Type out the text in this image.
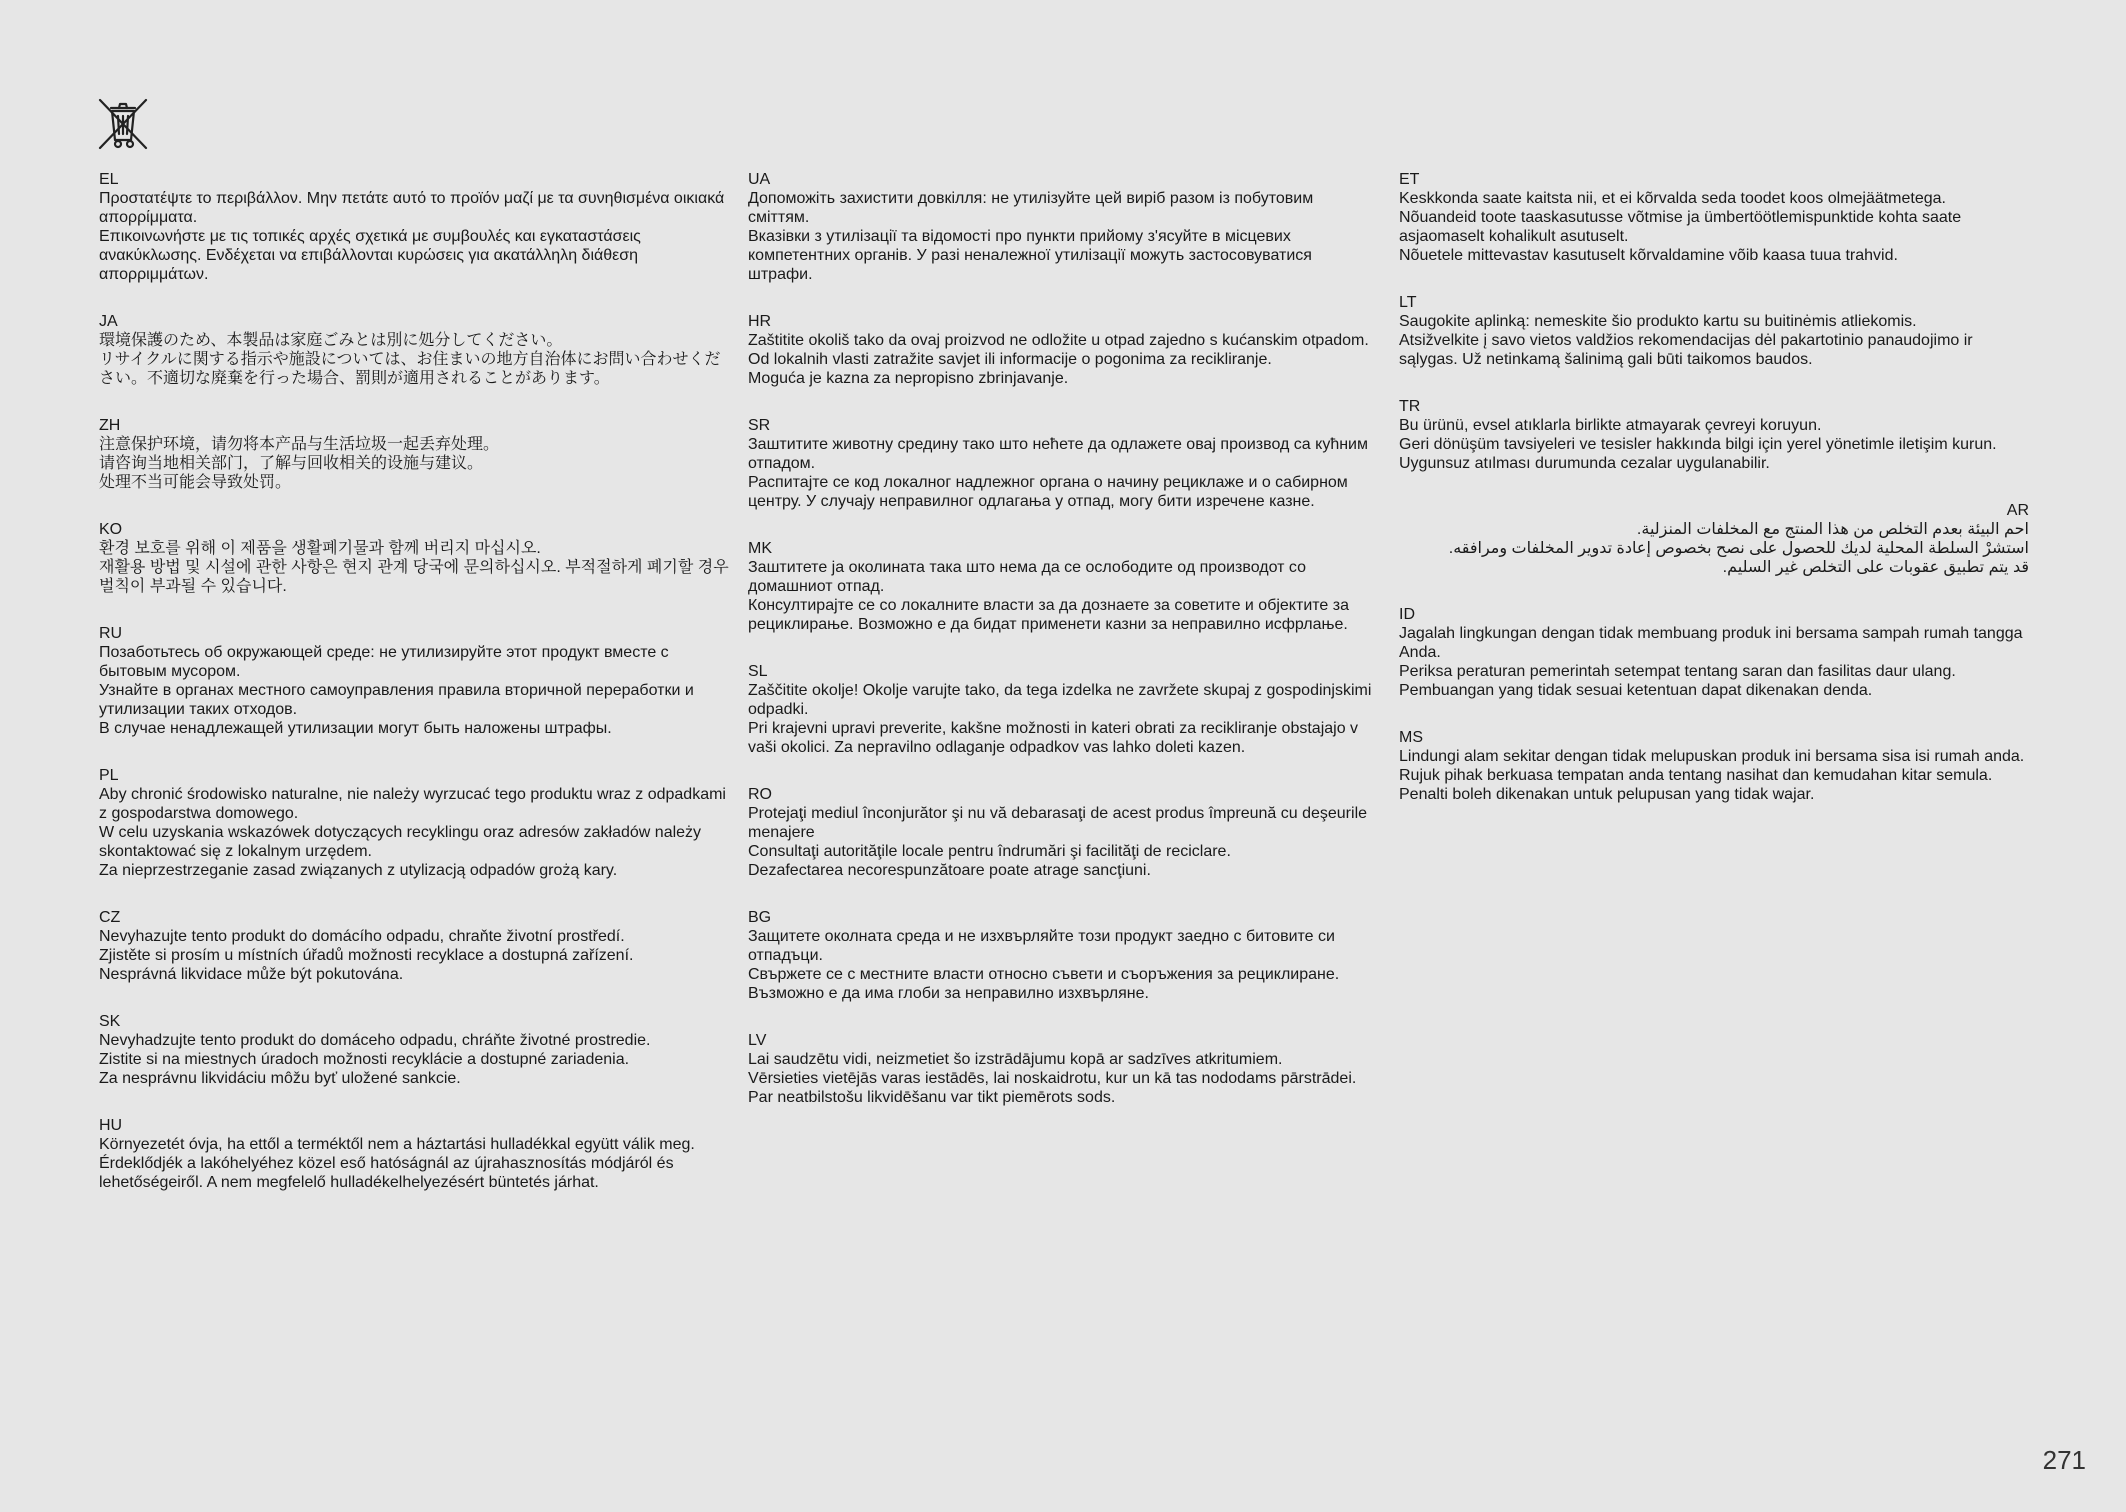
EL
Προστατέψτε το περιβάλλον. Μην πετάτε αυτό το προϊόν μαζί με τα συνηθισμένα οικιακά απορρίμματα.
Επικοινωνήστε με τις τοπικές αρχές σχετικά με συμβουλές και εγκαταστάσεις ανακύκλωσης. Ενδέχεται να επιβάλλονται κυρώσεις για ακατάλληλη διάθεση απορριμμάτων.
JA
環境保護のため、本製品は家庭ごみとは別に処分してください。
リサイクルに関する指示や施設については、お住まいの地方自治体にお問い合わせください。不適切な廃棄を行った場合、罰則が適用されることがあります。
ZH
注意保护环境，请勿将本产品与生活垃圾一起丢弃处理。
请咨询当地相关部门，了解与回收相关的设施与建议。
处理不当可能会导致处罚。
KO
환경 보호를 위해 이 제품을 생활폐기물과 함께 버리지 마십시오.
재활용 방법 및 시설에 관한 사항은 현지 관계 당국에 문의하십시오. 부적절하게 폐기할 경우 벌칙이 부과될 수 있습니다.
RU
Позаботьтесь об окружающей среде: не утилизируйте этот продукт вместе с бытовым мусором.
Узнайте в органах местного самоуправления правила вторичной переработки и утилизации таких отходов.
В случае ненадлежащей утилизации могут быть наложены штрафы.
PL
Aby chronić środowisko naturalne, nie należy wyrzucać tego produktu wraz z odpadkami z gospodarstwa domowego.
W celu uzyskania wskazówek dotyczących recyklingu oraz adresów zakładów należy skontaktować się z lokalnym urzędem.
Za nieprzestrzeganie zasad związanych z utylizacją odpadów grożą kary.
CZ
Nevyhazujte tento produkt do domácího odpadu, chraňte životní prostředí.
Zjistěte si prosím u místních úřadů možnosti recyklace a dostupná zařízení.
Nesprávná likvidace může být pokutována.
SK
Nevyhadzujte tento produkt do domáceho odpadu, chráňte životné prostredie.
Zistite si na miestnych úradoch možnosti recyklácie a dostupné zariadenia.
Za nesprávnu likvidáciu môžu byť uložené sankcie.
HU
Környezetét óvja, ha ettől a terméktől nem a háztartási hulladékkal együtt válik meg.
Érdeklődjék a lakóhelyéhez közel eső hatóságnál az újrahasznosítás módjáról és lehetőségeiről. A nem megfelelő hulladékelhelyezésért büntetés járhat.
UA
Допоможіть захистити довкілля: не утилізуйте цей виріб разом із побутовим сміттям.
Вказівки з утилізації та відомості про пункти прийому з'ясуйте в місцевих компетентних органів. У разі неналежної утилізації можуть застосовуватися штрафи.
HR
Zaštitite okoliš tako da ovaj proizvod ne odložite u otpad zajedno s kućanskim otpadom.
Od lokalnih vlasti zatražite savjet ili informacije o pogonima za recikliranje.
Moguća je kazna za nepropisno zbrinjavanje.
SR
Заштитите животну средину тако што нећете да одлажете овај производ са кућним отпадом.
Распитајте се код локалног надлежног органа о начину рециклаже и о сабирном центру. У случају неправилног одлагања у отпад, могу бити изречене казне.
MK
Заштитете ја околината така што нема да се ослободите од производот со домашниот отпад.
Консултирајте се со локалните власти за да дознаете за советите и објектите за рециклирање. Возможно е да бидат применети казни за неправилно исфрлање.
SL
Zaščitite okolje! Okolje varujte tako, da tega izdelka ne zavržete skupaj z gospodinjskimi odpadki.
Pri krajevni upravi preverite, kakšne možnosti in kateri obrati za recikliranje obstajajo v vaši okolici. Za nepravilno odlaganje odpadkov vas lahko doleti kazen.
RO
Protejaţi mediul înconjurător şi nu vă debarasaţi de acest produs împreună cu deşeurile menajere
Consultaţi autorităţile locale pentru îndrumări şi facilităţi de reciclare.
Dezafectarea necorespunzătoare poate atrage sancţiuni.
BG
Защитете околната среда и не изхвърляйте този продукт заедно с битовите си отпадъци.
Свържете се с местните власти относно съвети и съоръжения за рециклиране. Възможно е да има глоби за неправилно изхвърляне.
LV
Lai saudzētu vidi, neizmetiet šo izstrādājumu kopā ar sadzīves atkritumiem.
Vērsieties vietējās varas iestādēs, lai noskaidrotu, kur un kā tas nododams pārstrādei. Par neatbilstošu likvidēšanu var tikt piemērots sods.
ET
Keskkonda saate kaitsta nii, et ei kõrvalda seda toodet koos olmejäätmetega.
Nõuandeid toote taaskasutusse võtmise ja ümbertöötlemispunktide kohta saate asjaomaselt kohalikult asutuselt.
Nõuetele mittevastav kasutuselt kõrvaldamine võib kaasa tuua trahvid.
LT
Saugokite aplinką: nemeskite šio produkto kartu su buitinėmis atliekomis.
Atsižvelkite į savo vietos valdžios rekomendacijas dėl pakartotinio panaudojimo ir sąlygas. Už netinkamą šalinimą gali būti taikomos baudos.
TR
Bu ürünü, evsel atıklarla birlikte atmayarak çevreyi koruyun.
Geri dönüşüm tavsiyeleri ve tesisler hakkında bilgi için yerel yönetimle iletişim kurun. Uygunsuz atılması durumunda cezalar uygulanabilir.
AR
احم البيئة بعدم التخلص من هذا المنتج مع المخلفات المنزلية.
استشرْ السلطة المحلية لديك للحصول على نصح بخصوص إعادة تدوير المخلفات ومرافقه.
قد يتم تطبيق عقوبات على التخلص غير السليم.
ID
Jagalah lingkungan dengan tidak membuang produk ini bersama sampah rumah tangga Anda.
Periksa peraturan pemerintah setempat tentang saran dan fasilitas daur ulang. Pembuangan yang tidak sesuai ketentuan dapat dikenakan denda.
MS
Lindungi alam sekitar dengan tidak melupuskan produk ini bersama sisa isi rumah anda.
Rujuk pihak berkuasa tempatan anda tentang nasihat dan kemudahan kitar semula. Penalti boleh dikenakan untuk pelupusan yang tidak wajar.
271
